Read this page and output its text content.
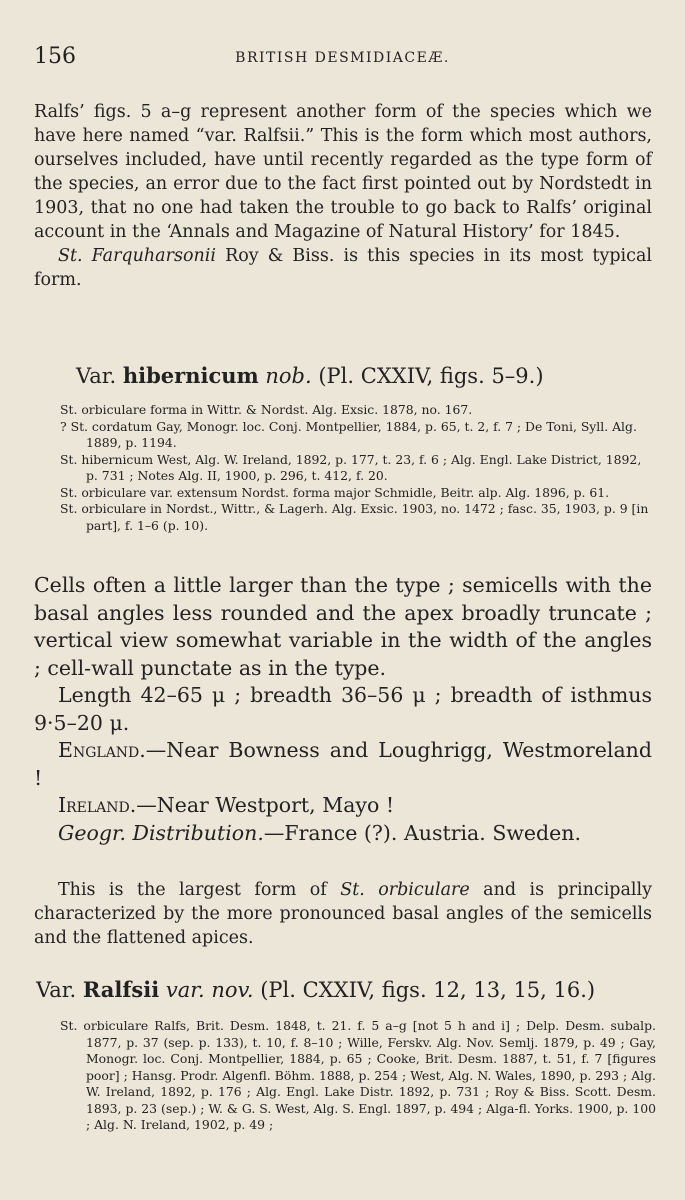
156	BRITISH DESMIDIACEÆ.

Ralfs’ figs. 5 a–g represent another form of the species which we have here named “var. Ralfsii.” This is the form which most authors, ourselves included, have until recently regarded as the type form of the species, an error due to the fact first pointed out by Nordstedt in 1903, that no one had taken the trouble to go back to Ralfs’ original account in the ‘Annals and Magazine of Natural History’ for 1845.

St. Farquharsonii Roy & Biss. is this species in its most typical form.

Var. hibernicum nob. (Pl. CXXIV, figs. 5–9.)

St. orbiculare forma in Wittr. & Nordst. Alg. Exsic. 1878, no. 167.

? St. cordatum Gay, Monogr. loc. Conj. Montpellier, 1884, p. 65, t. 2, f. 7 ; De Toni, Syll. Alg. 1889, p. 1194.

St. hibernicum West, Alg. W. Ireland, 1892, p. 177, t. 23, f. 6 ; Alg. Engl. Lake District, 1892, p. 731 ; Notes Alg. II, 1900, p. 296, t. 412, f. 20.

St. orbiculare var. extensum Nordst. forma major Schmidle, Beitr. alp. Alg. 1896, p. 61.

St. orbiculare in Nordst., Wittr., & Lagerh. Alg. Exsic. 1903, no. 1472 ; fasc. 35, 1903, p. 9 [in part], f. 1–6 (p. 10).

Cells often a little larger than the type ; semicells with the basal angles less rounded and the apex broadly truncate ; vertical view somewhat variable in the width of the angles ; cell-wall punctate as in the type.

Length 42–65 μ ; breadth 36–56 μ ; breadth of isthmus 9·5–20 μ.

England.—Near Bowness and Loughrigg, Westmoreland !

Ireland.—Near Westport, Mayo !

Geogr. Distribution.—France (?). Austria. Sweden.

This is the largest form of St. orbiculare and is principally characterized by the more pronounced basal angles of the semicells and the flattened apices.

Var. Ralfsii var. nov. (Pl. CXXIV, figs. 12, 13, 15, 16.)

St. orbiculare Ralfs, Brit. Desm. 1848, t. 21. f. 5 a–g [not 5 h and i] ; Delp. Desm. subalp. 1877, p. 37 (sep. p. 133), t. 10, f. 8–10 ; Wille, Ferskv. Alg. Nov. Semlj. 1879, p. 49 ; Gay, Monogr. loc. Conj. Montpellier, 1884, p. 65 ; Cooke, Brit. Desm. 1887, t. 51, f. 7 [figures poor] ; Hansg. Prodr. Algenfl. Böhm. 1888, p. 254 ; West, Alg. N. Wales, 1890, p. 293 ; Alg. W. Ireland, 1892, p. 176 ; Alg. Engl. Lake Distr. 1892, p. 731 ; Roy & Biss. Scott. Desm. 1893, p. 23 (sep.) ; W. & G. S. West, Alg. S. Engl. 1897, p. 494 ; Alga-fl. Yorks. 1900, p. 100 ; Alg. N. Ireland, 1902, p. 49 ;
